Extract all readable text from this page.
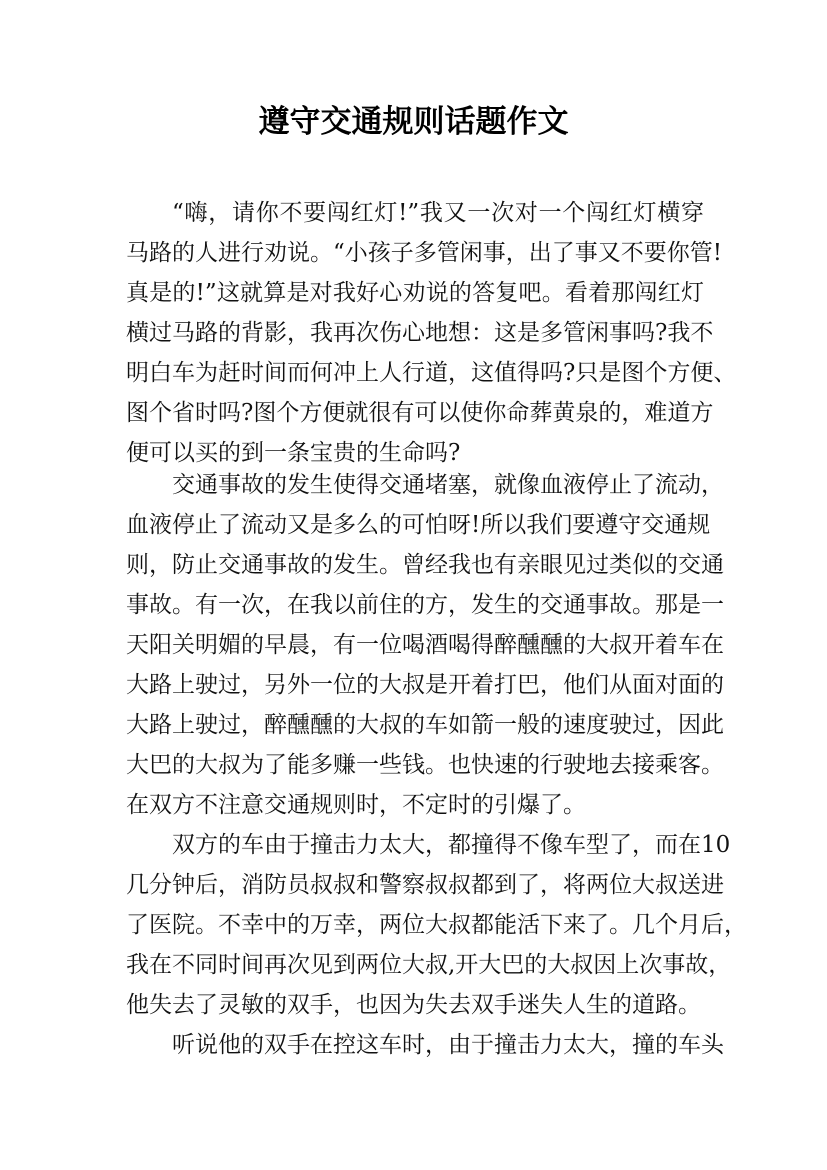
遵守交通规则话题作文

“嗨，请你不要闯红灯!”我又一次对一个闯红灯横穿

马路的人进行劝说。“小孩子多管闲事，出了事又不要你管!

真是的!”这就算是对我好心劝说的答复吧。看着那闯红灯

横过马路的背影，我再次伤心地想：这是多管闲事吗?我不

明白车为赶时间而何冲上人行道，这值得吗?只是图个方便、

图个省时吗?图个方便就很有可以使你命葬黄泉的，难道方

便可以买的到一条宝贵的生命吗?

交通事故的发生使得交通堵塞，就像血液停止了流动，

血液停止了流动又是多么的可怕呀!所以我们要遵守交通规

则，防止交通事故的发生。曾经我也有亲眼见过类似的交通

事故。有一次，在我以前住的方，发生的交通事故。那是一

天阳关明媚的早晨，有一位喝酒喝得醉醺醺的大叔开着车在

大路上驶过，另外一位的大叔是开着打巴，他们从面对面的

大路上驶过，醉醺醺的大叔的车如箭一般的速度驶过，因此

大巴的大叔为了能多赚一些钱。也快速的行驶地去接乘客。

在双方不注意交通规则时，不定时的引爆了。

双方的车由于撞击力太大，都撞得不像车型了，而在10

几分钟后，消防员叔叔和警察叔叔都到了，将两位大叔送进

了医院。不幸中的万幸，两位大叔都能活下来了。几个月后，

我在不同时间再次见到两位大叔,开大巴的大叔因上次事故，

他失去了灵敏的双手，也因为失去双手迷失人生的道路。

听说他的双手在控这车时，由于撞击力太大，撞的车头
